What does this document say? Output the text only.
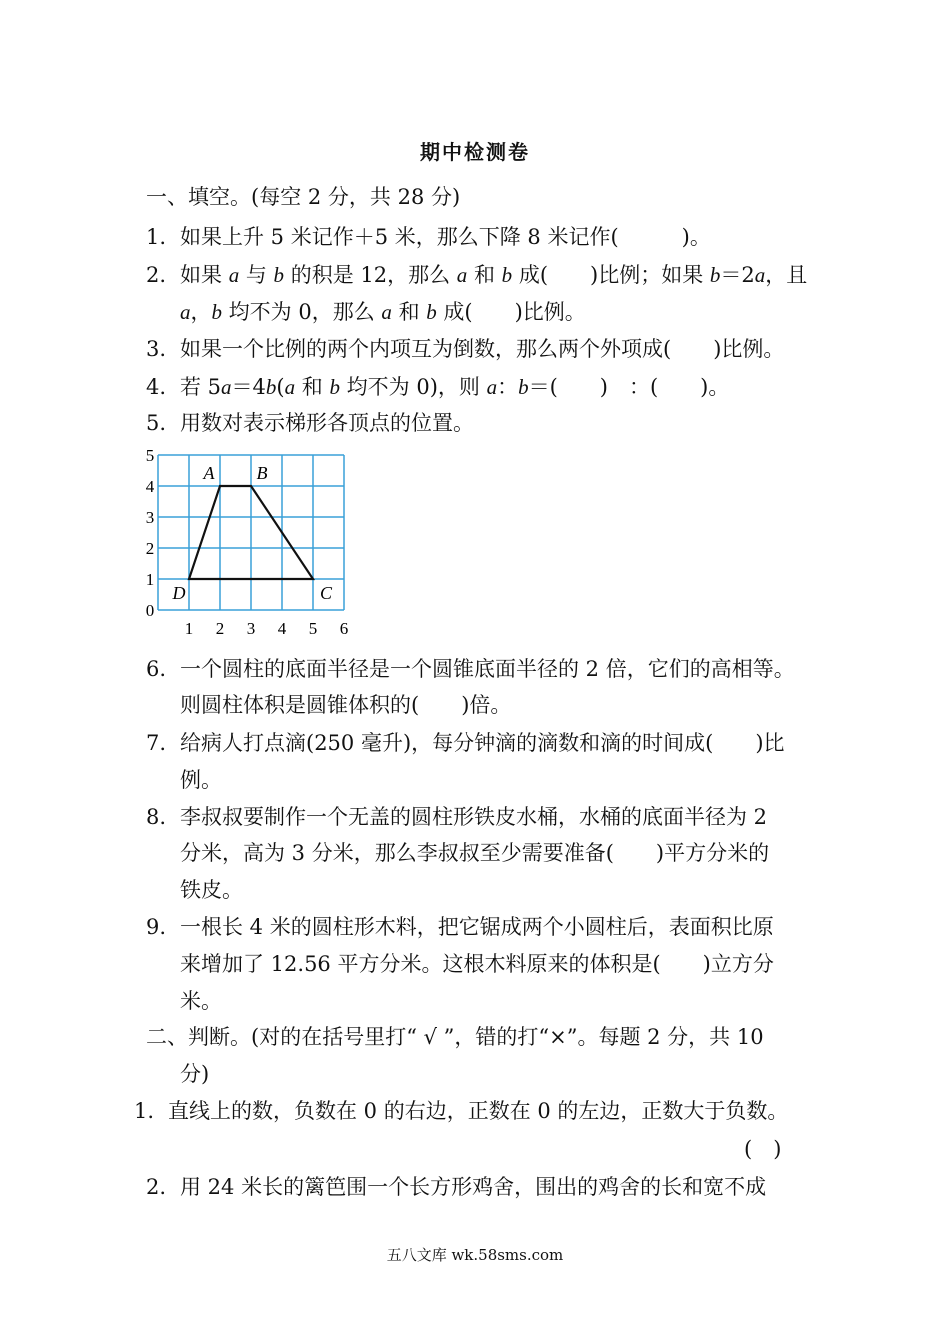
期中检测卷
一、填空。(每空 2 分，共 28 分)
1. 如果上升 5 米记作＋5 米，那么下降 8 米记作(　　　)。
2. 如果 a 与 b 的积是 12，那么 a 和 b 成(　　)比例；如果 b＝2a，且
a，b 均不为 0，那么 a 和 b 成(　　)比例。
3. 如果一个比例的两个内项互为倒数，那么两个外项成(　　)比例。
4. 若 5a＝4b(a 和 b 均不为 0)，则 a：b＝(　　)　：(　　)。
5. 用数对表示梯形各顶点的位置。
1 2 3 4 5 6
0
1
2
3
4
5
A B
C
D
6. 一个圆柱的底面半径是一个圆锥底面半径的 2 倍，它们的高相等。
则圆柱体积是圆锥体积的(　　)倍。
7. 给病人打点滴(250 毫升)，每分钟滴的滴数和滴的时间成(　　)比
例。
8. 李叔叔要制作一个无盖的圆柱形铁皮水桶，水桶的底面半径为 2
分米，高为 3 分米，那么李叔叔至少需要准备(　　)平方分米的
铁皮。
9. 一根长 4 米的圆柱形木料，把它锯成两个小圆柱后，表面积比原
来增加了 12.56 平方分米。这根木料原来的体积是(　　)立方分
米。
二、判断。(对的在括号里打“ √ ”，错的打“×”。每题 2 分，共 10
分)
1. 直线上的数，负数在 0 的右边，正数在 0 的左边，正数大于负数。
(　)
2. 用 24 米长的篱笆围一个长方形鸡舍，围出的鸡舍的长和宽不成
五八文库 wk.58sms.com
